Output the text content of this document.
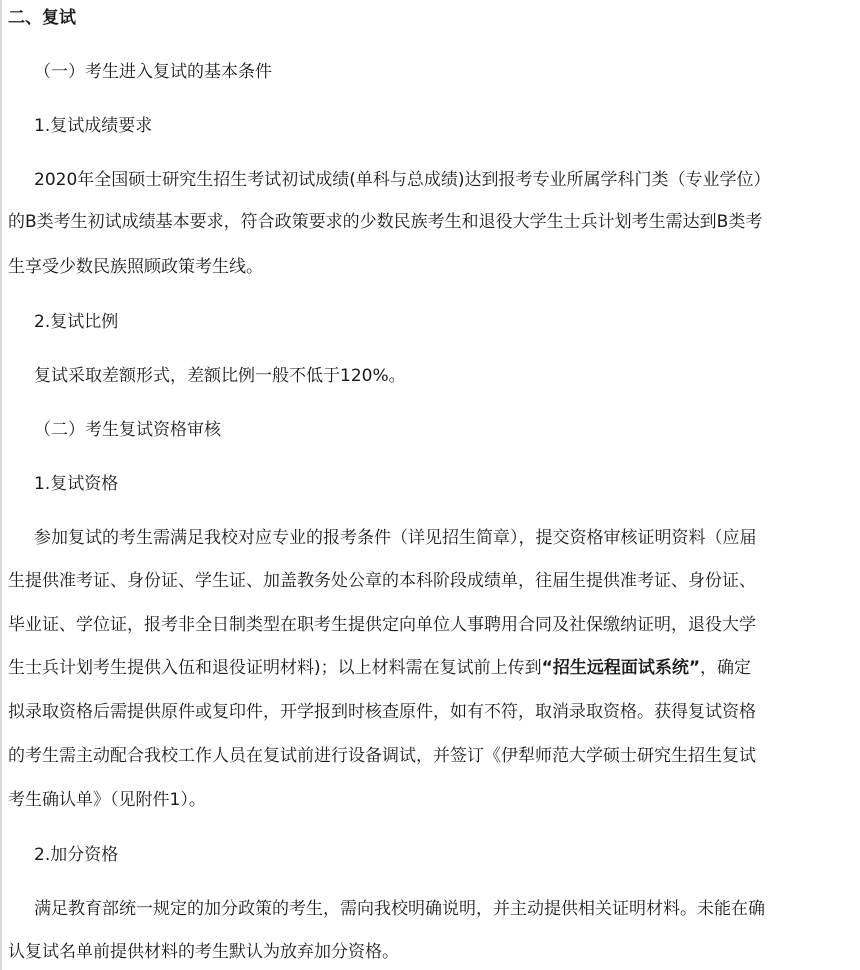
二、复试
（一）考生进入复试的基本条件
1.复试成绩要求
2020年全国硕士研究生招生考试初试成绩(单科与总成绩)达到报考专业所属学科门类（专业学位）
的B类考生初试成绩基本要求，符合政策要求的少数民族考生和退役大学生士兵计划考生需达到B类考
生享受少数民族照顾政策考生线。
2.复试比例
复试采取差额形式，差额比例一般不低于120%。
（二）考生复试资格审核
1.复试资格
参加复试的考生需满足我校对应专业的报考条件（详见招生简章），提交资格审核证明资料（应届
生提供准考证、身份证、学生证、加盖教务处公章的本科阶段成绩单，往届生提供准考证、身份证、
毕业证、学位证，报考非全日制类型在职考生提供定向单位人事聘用合同及社保缴纳证明，退役大学
生士兵计划考生提供入伍和退役证明材料)；以上材料需在复试前上传到“招生远程面试系统”，确定
拟录取资格后需提供原件或复印件，开学报到时核查原件，如有不符，取消录取资格。获得复试资格
的考生需主动配合我校工作人员在复试前进行设备调试，并签订《伊犁师范大学硕士研究生招生复试
考生确认单》（见附件1）。
2.加分资格
满足教育部统一规定的加分政策的考生，需向我校明确说明，并主动提供相关证明材料。未能在确
认复试名单前提供材料的考生默认为放弃加分资格。
